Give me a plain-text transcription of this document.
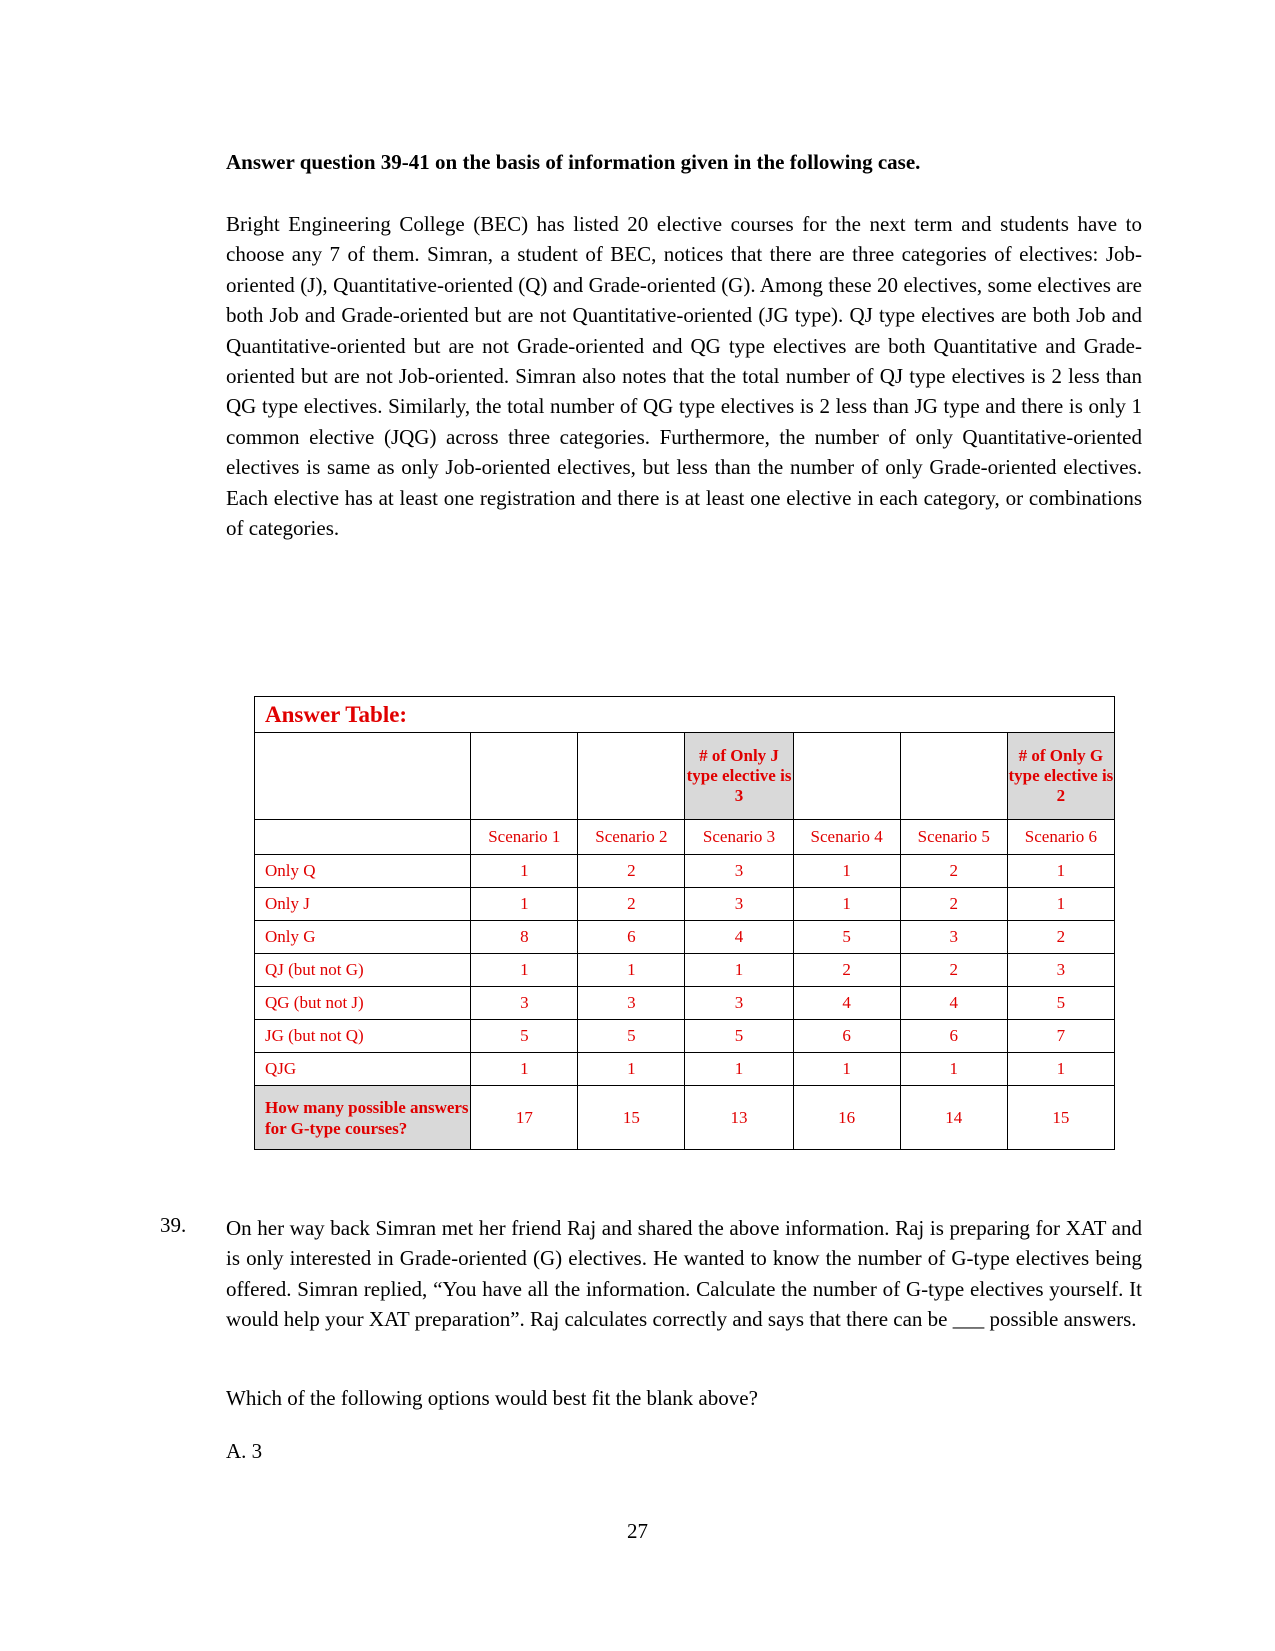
Answer question 39-41 on the basis of information given in the following case.

Bright Engineering College (BEC) has listed 20 elective courses for the next term and students have to choose any 7 of them. Simran, a student of BEC, notices that there are three categories of electives: Job-oriented (J), Quantitative-oriented (Q) and Grade-oriented (G). Among these 20 electives, some electives are both Job and Grade-oriented but are not Quantitative-oriented (JG type). QJ type electives are both Job and Quantitative-oriented but are not Grade-oriented and QG type electives are both Quantitative and Grade-oriented but are not Job-oriented. Simran also notes that the total number of QJ type electives is 2 less than QG type electives. Similarly, the total number of QG type electives is 2 less than JG type and there is only 1 common elective (JQG) across three categories. Furthermore, the number of only Quantitative-oriented electives is same as only Job-oriented electives, but less than the number of only Grade-oriented electives. Each elective has at least one registration and there is at least one elective in each category, or combinations of categories.

Answer Table:						
			# of Only J type elective is 3			# of Only G type elective is 2
	Scenario 1	Scenario 2	Scenario 3	Scenario 4	Scenario 5	Scenario 6
Only Q	1	2	3	1	2	1
Only J	1	2	3	1	2	1
Only G	8	6	4	5	3	2
QJ (but not G)	1	1	1	2	2	3
QG (but not J)	3	3	3	4	4	5
JG (but not Q)	5	5	5	6	6	7
QJG	1	1	1	1	1	1
How many possible answers for G-type courses?	17	15	13	16	14	15
39. On her way back Simran met her friend Raj and shared the above information. Raj is preparing for XAT and is only interested in Grade-oriented (G) electives. He wanted to know the number of G-type electives being offered. Simran replied, “You have all the information. Calculate the number of G-type electives yourself. It would help your XAT preparation”. Raj calculates correctly and says that there can be ___ possible answers.

Which of the following options would best fit the blank above?

A. 3

27
